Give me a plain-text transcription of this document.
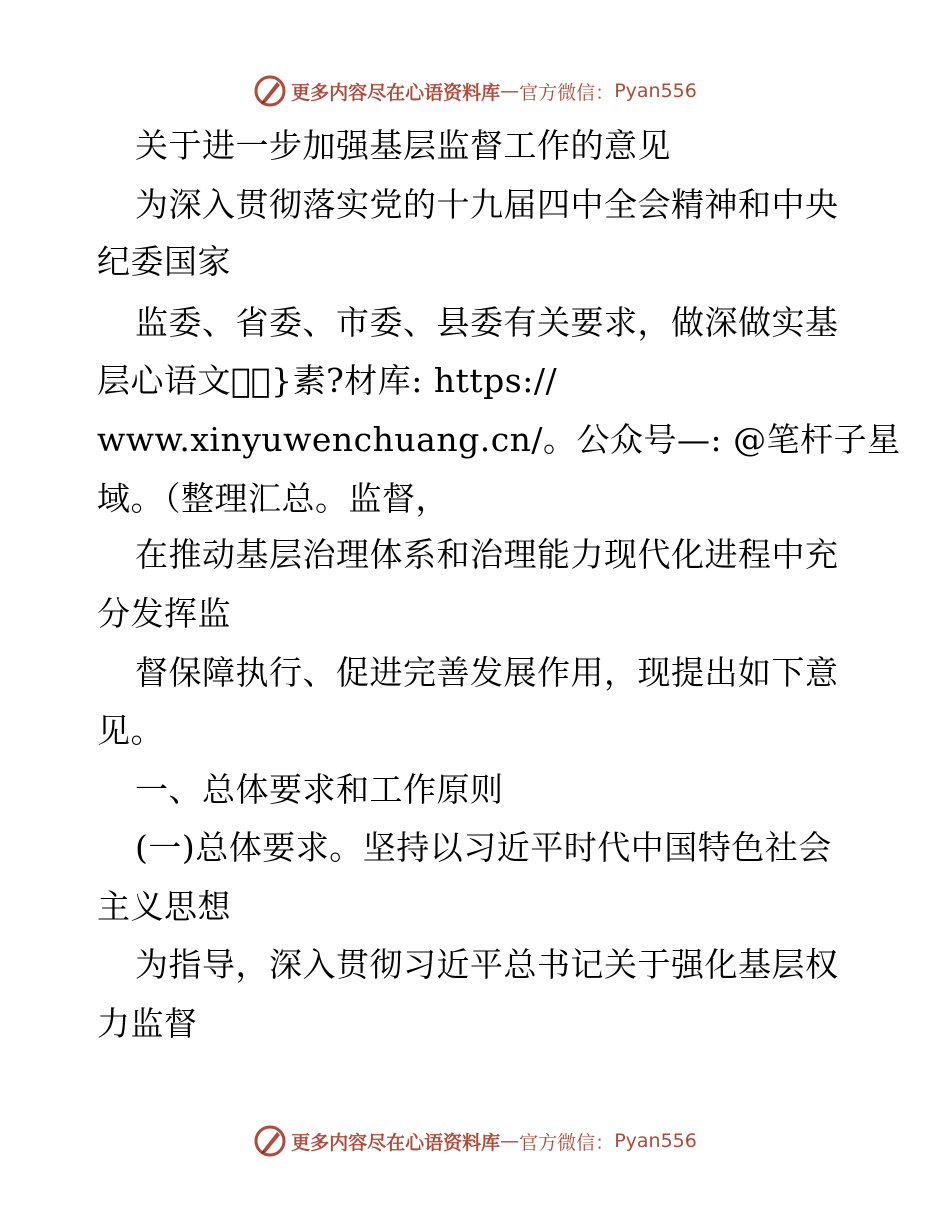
更多内容尽在心语资料库 — 官方微信： Pyan556
关于进一步加强基层监督工作的意见
为深入贯彻落实党的十九届四中全会精神和中央
纪委国家
监委、省委、市委、县委有关要求，做深做实基
层心语文创⃫}素?材库: https://
www.xinyuwenchuang.cn/。公众号—: @笔杆子星
域。（整理汇总。监督，
在推动基层治理体系和治理能力现代化进程中充
分发挥监
督保障执行、促进完善发展作用，现提出如下意
见。
一、总体要求和工作原则
(一)总体要求。坚持以习近平时代中国特色社会
主义思想
为指导，深入贯彻习近平总书记关于强化基层权
力监督
更多内容尽在心语资料库 — 官方微信： Pyan556
